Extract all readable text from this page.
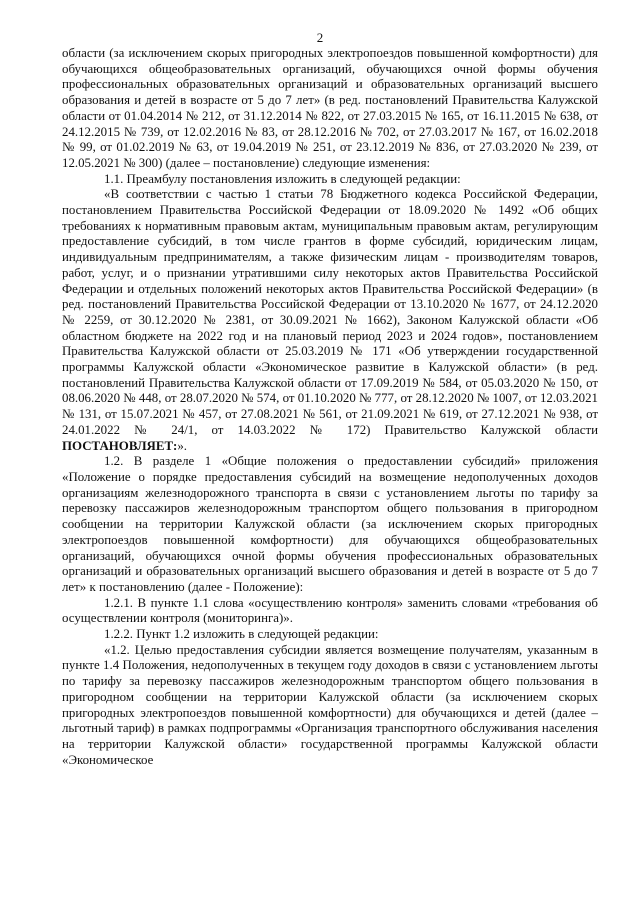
2

области (за исключением скорых пригородных электропоездов повышенной комфортности) для обучающихся общеобразовательных организаций, обучающихся очной формы обучения профессиональных образовательных организаций и образовательных организаций высшего образования и детей в возрасте от 5 до 7 лет» (в ред. постановлений Правительства Калужской области от 01.04.2014 № 212, от 31.12.2014 № 822, от 27.03.2015 № 165, от 16.11.2015 № 638, от 24.12.2015 № 739, от 12.02.2016 № 83, от 28.12.2016 № 702, от 27.03.2017 № 167, от 16.02.2018 № 99, от 01.02.2019 № 63, от 19.04.2019 № 251, от 23.12.2019 № 836, от 27.03.2020 № 239, от 12.05.2021 № 300) (далее – постановление) следующие изменения:

1.1. Преамбулу постановления изложить в следующей редакции:

«В соответствии с частью 1 статьи 78 Бюджетного кодекса Российской Федерации, постановлением Правительства Российской Федерации от 18.09.2020 № 1492 «Об общих требованиях к нормативным правовым актам, муниципальным правовым актам, регулирующим предоставление субсидий, в том числе грантов в форме субсидий, юридическим лицам, индивидуальным предпринимателям, а также физическим лицам - производителям товаров, работ, услуг, и о признании утратившими силу некоторых актов Правительства Российской Федерации и отдельных положений некоторых актов Правительства Российской Федерации» (в ред. постановлений Правительства Российской Федерации от 13.10.2020 № 1677, от 24.12.2020 № 2259, от 30.12.2020 № 2381, от 30.09.2021 № 1662), Законом Калужской области «Об областном бюджете на 2022 год и на плановый период 2023 и 2024 годов», постановлением Правительства Калужской области от 25.03.2019 № 171 «Об утверждении государственной программы Калужской области «Экономическое развитие в Калужской области» (в ред. постановлений Правительства Калужской области от 17.09.2019 № 584, от 05.03.2020 № 150, от 08.06.2020 № 448, от 28.07.2020 № 574, от 01.10.2020 № 777, от 28.12.2020 № 1007, от 12.03.2021 № 131, от 15.07.2021 № 457, от 27.08.2021 № 561, от 21.09.2021 № 619, от 27.12.2021 № 938, от 24.01.2022 № 24/1, от 14.03.2022 № 172) Правительство Калужской области ПОСТАНОВЛЯЕТ:».

1.2. В разделе 1 «Общие положения о предоставлении субсидий» приложения «Положение о порядке предоставления субсидий на возмещение недополученных доходов организациям железнодорожного транспорта в связи с установлением льготы по тарифу за перевозку пассажиров железнодорожным транспортом общего пользования в пригородном сообщении на территории Калужской области (за исключением скорых пригородных электропоездов повышенной комфортности) для обучающихся общеобразовательных организаций, обучающихся очной формы обучения профессиональных образовательных организаций и образовательных организаций высшего образования и детей в возрасте от 5 до 7 лет» к постановлению (далее - Положение):

1.2.1. В пункте 1.1 слова «осуществлению контроля» заменить словами «требования об осуществлении контроля (мониторинга)».

1.2.2. Пункт 1.2 изложить в следующей редакции:

«1.2. Целью предоставления субсидии является возмещение получателям, указанным в пункте 1.4 Положения, недополученных в текущем году доходов в связи с установлением льготы по тарифу за перевозку пассажиров железнодорожным транспортом общего пользования в пригородном сообщении на территории Калужской области (за исключением скорых пригородных электропоездов повышенной комфортности) для обучающихся и детей (далее – льготный тариф) в рамках подпрограммы «Организация транспортного обслуживания населения на территории Калужской области» государственной программы Калужской области «Экономическое
